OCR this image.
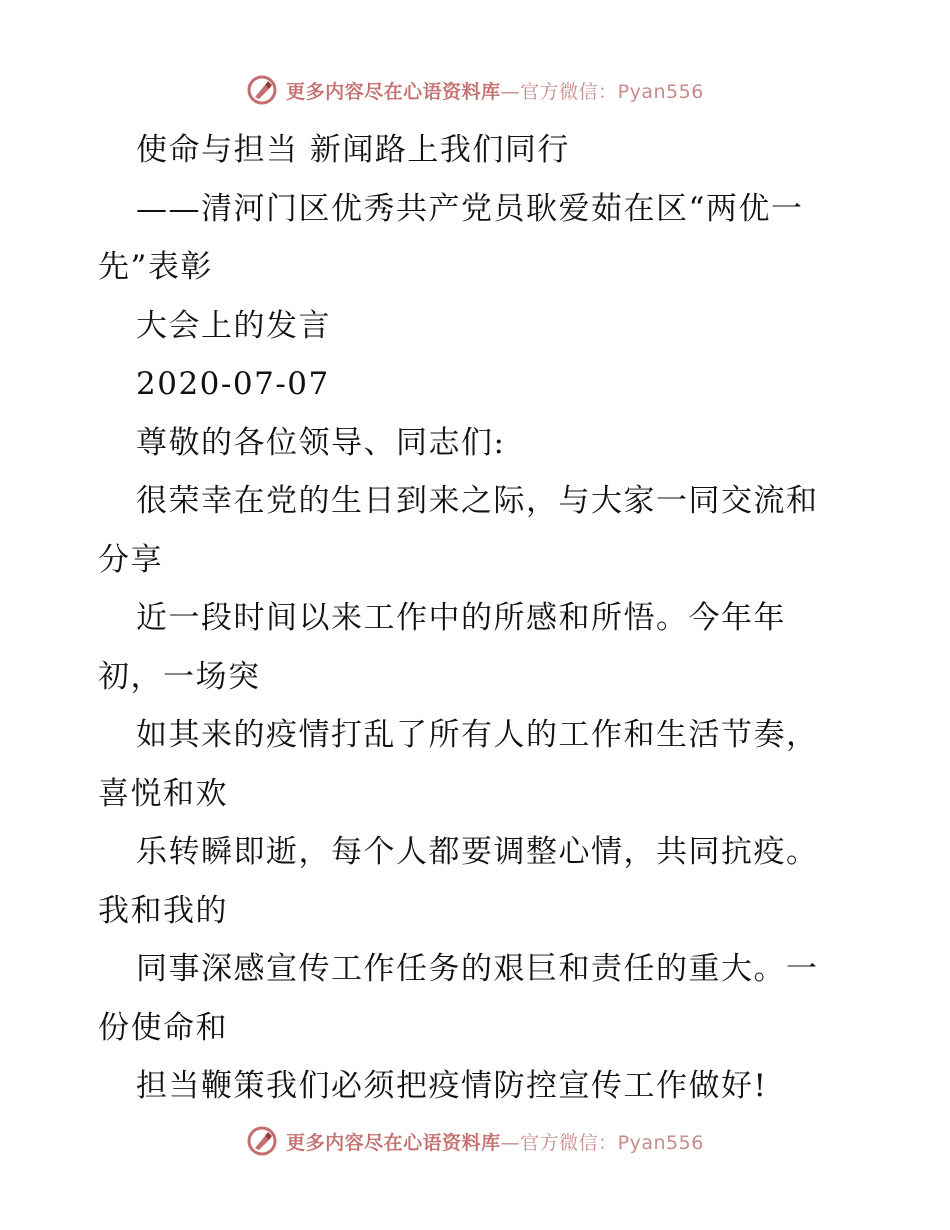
更多内容尽在心语资料库—官方微信：Pyan556
使命与担当 新闻路上我们同行
——清河门区优秀共产党员耿爱茹在区“两优一
先”表彰
大会上的发言
2020-07-07
尊敬的各位领导、同志们:
很荣幸在党的生日到来之际，与大家一同交流和
分享
近一段时间以来工作中的所感和所悟。今年年
初，一场突
如其来的疫情打乱了所有人的工作和生活节奏，
喜悦和欢
乐转瞬即逝，每个人都要调整心情，共同抗疫。
我和我的
同事深感宣传工作任务的艰巨和责任的重大。一
份使命和
担当鞭策我们必须把疫情防控宣传工作做好!
更多内容尽在心语资料库—官方微信：Pyan556
